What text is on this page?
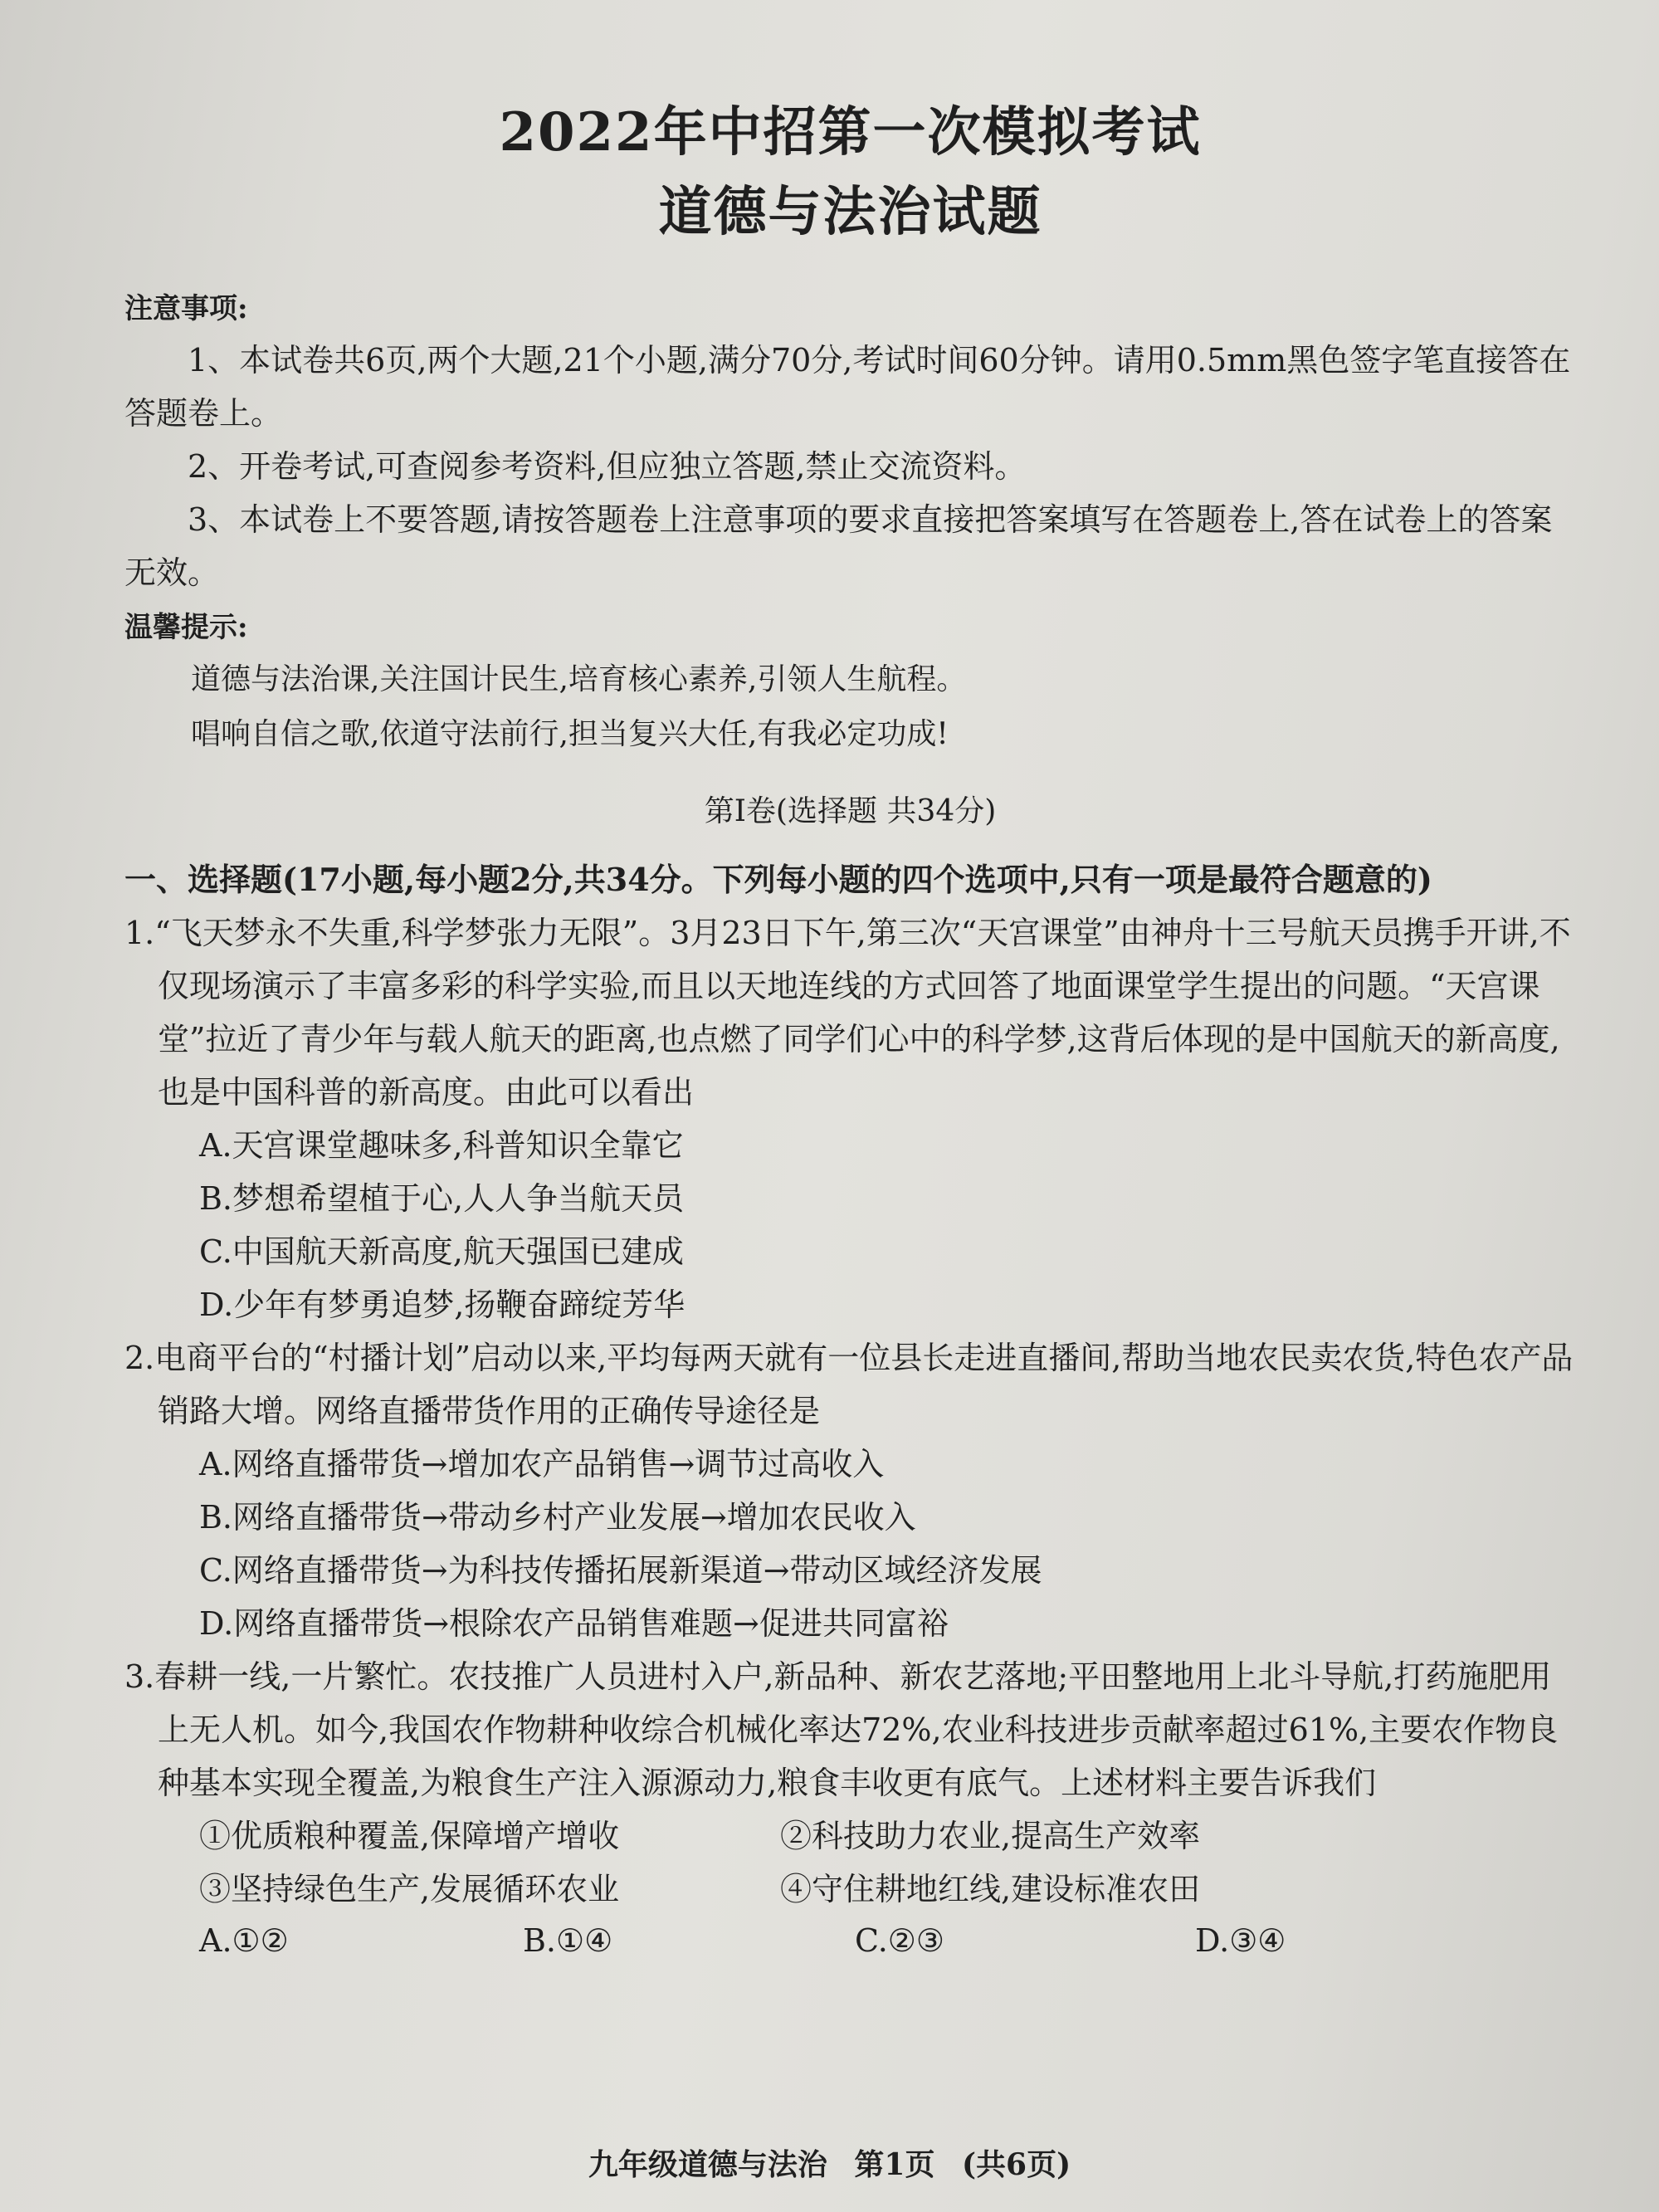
2022年中招第一次模拟考试
道德与法治试题
注意事项:
1、本试卷共6页,两个大题,21个小题,满分70分,考试时间60分钟。请用0.5mm黑色签字笔直接答在答题卷上。
2、开卷考试,可查阅参考资料,但应独立答题,禁止交流资料。
3、本试卷上不要答题,请按答题卷上注意事项的要求直接把答案填写在答题卷上,答在试卷上的答案无效。
温馨提示:
道德与法治课,关注国计民生,培育核心素养,引领人生航程。
唱响自信之歌,依道守法前行,担当复兴大任,有我必定功成!
第Ⅰ卷(选择题 共34分)
一、选择题(17小题,每小题2分,共34分。下列每小题的四个选项中,只有一项是最符合题意的)
1.“飞天梦永不失重,科学梦张力无限”。3月23日下午,第三次“天宫课堂”由神舟十三号航天员携手开讲,不仅现场演示了丰富多彩的科学实验,而且以天地连线的方式回答了地面课堂学生提出的问题。“天宫课堂”拉近了青少年与载人航天的距离,也点燃了同学们心中的科学梦,这背后体现的是中国航天的新高度,也是中国科普的新高度。由此可以看出
A.天宫课堂趣味多,科普知识全靠它
B.梦想希望植于心,人人争当航天员
C.中国航天新高度,航天强国已建成
D.少年有梦勇追梦,扬鞭奋蹄绽芳华
2.电商平台的“村播计划”启动以来,平均每两天就有一位县长走进直播间,帮助当地农民卖农货,特色农产品销路大增。网络直播带货作用的正确传导途径是
A.网络直播带货→增加农产品销售→调节过高收入
B.网络直播带货→带动乡村产业发展→增加农民收入
C.网络直播带货→为科技传播拓展新渠道→带动区域经济发展
D.网络直播带货→根除农产品销售难题→促进共同富裕
3.春耕一线,一片繁忙。农技推广人员进村入户,新品种、新农艺落地;平田整地用上北斗导航,打药施肥用上无人机。如今,我国农作物耕种收综合机械化率达72%,农业科技进步贡献率超过61%,主要农作物良种基本实现全覆盖,为粮食生产注入源源动力,粮食丰收更有底气。上述材料主要告诉我们
①优质粮种覆盖,保障增产增收	②科技助力农业,提高生产效率
③坚持绿色生产,发展循环农业	④守住耕地红线,建设标准农田
A.①②	B.①④	C.②③	D.③④
九年级道德与法治 第1页 (共6页)
